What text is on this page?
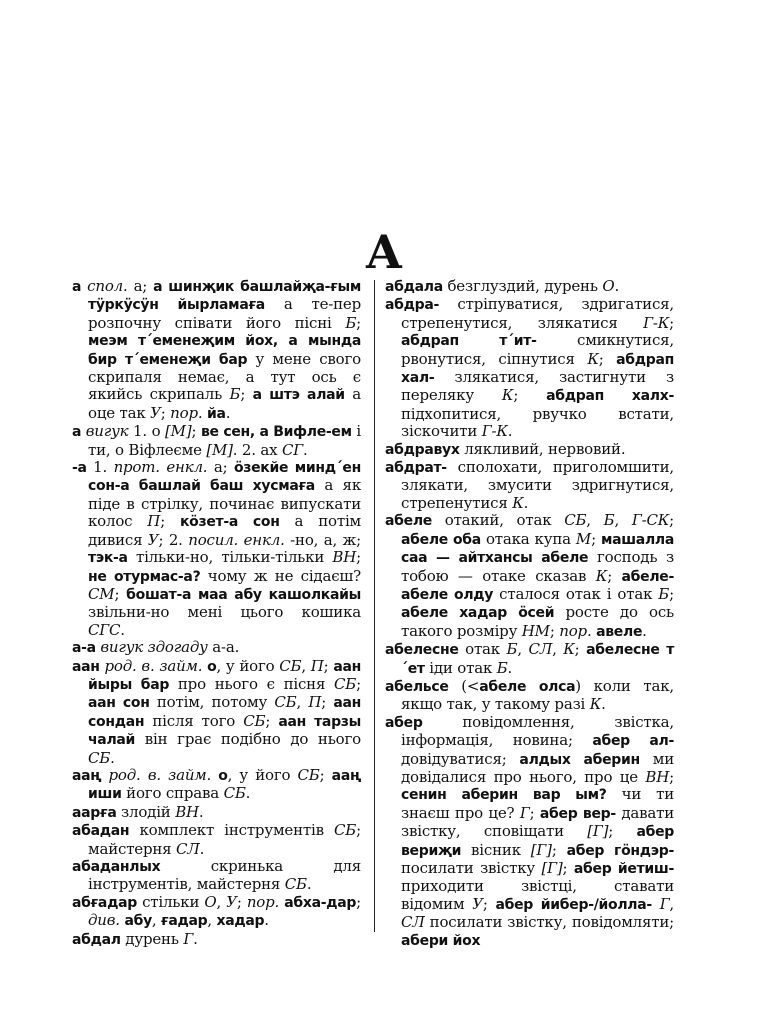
А

а спол. а; а шинҗик башлайҗа-ғым тӱркӱсӱн йырламаға а те-пер розпочну співати його пісні Б; меэм т´еменеҗим йох, а мында бир т´еменеҗи бар у мене свого скрипаля немає, а тут ось є якийсь скрипаль Б; а штэ алай а оце так У; пор. йа.

а вигук 1. о [М]; ве сен, а Вифле-ем і ти, о Віфлеєме [М]. 2. ах СГ.

-а 1. прот. енкл. а; ӧзекйе минд´ен сон-а башлай баш хусмаға а як піде в стрілку, починає випускати колос П; кӧзет-а сон а потім дивися У; 2. посил. енкл. -но, а, ж; тэк-а тільки-но, тільки-тільки ВН; не отурмас-а? чому ж не сідаєш? СМ; бошат-а маа абу кашолкайы звільни-но мені цього кошика СГС.

а-а вигук здогаду а-а.

аан род. в. займ. о, у його СБ, П; аан йыры бар про нього є пісня СБ; аан сон потім, потому СБ, П; аан сондан після того СБ; аан тарзы чалай він грає подібно до нього СБ.

ааң род. в. займ. о, у його СБ; ааң иши його справа СБ.

аарға злодій ВН.

абадан комплект інструментів СБ; майстерня СЛ.

абаданлых скринька для інструментів, майстерня СБ.

абғадар стільки О, У; пор. абха-дар; див. абу, ғадар, хадар.

абдал дурень Г.

абдала безглуздий, дурень О.

абдра- стріпуватися, здригатися, стрепенутися, злякатися Г-К; абдрап т´ит- смикнутися, рвонутися, сіпнутися К; абдрап хал- злякатися, застигнути з переляку К; абдрап халх- підхопитися, рвучко встати, зіскочити Г-К.

абдравух лякливий, нервовий.

абдрат- сполохати, приголомшити, злякати, змусити здригнутися, стрепенутися К.

абеле отакий, отак СБ, Б, Г-СК; абеле оба отака купа М; машалла саа — айтхансы абеле господь з тобою — отаке сказав К; абеле-абеле олду сталося отак і отак Б; абеле хадар ӧсей росте до ось такого розміру НМ; пор. авеле.

абелесне отак Б, СЛ, К; абелесне т´ет іди отак Б.

абельсе (<абеле олса) коли так, якщо так, у такому разі К.

абер повідомлення, звістка, інформація, новина; абер ал- довідуватися; алдых аберин ми довідалися про нього, про це ВН; сенин аберин вар ым? чи ти знаєш про це? Г; абер вер- давати звістку, сповіщати [Г]; абер вериҗи вісник [Г]; абер гӧндэр- посилати звістку [Г]; абер йетиш- приходити звістці, ставати відомим У; абер йибер-/йолла- Г, СЛ посилати звістку, повідомляти; абери йох
